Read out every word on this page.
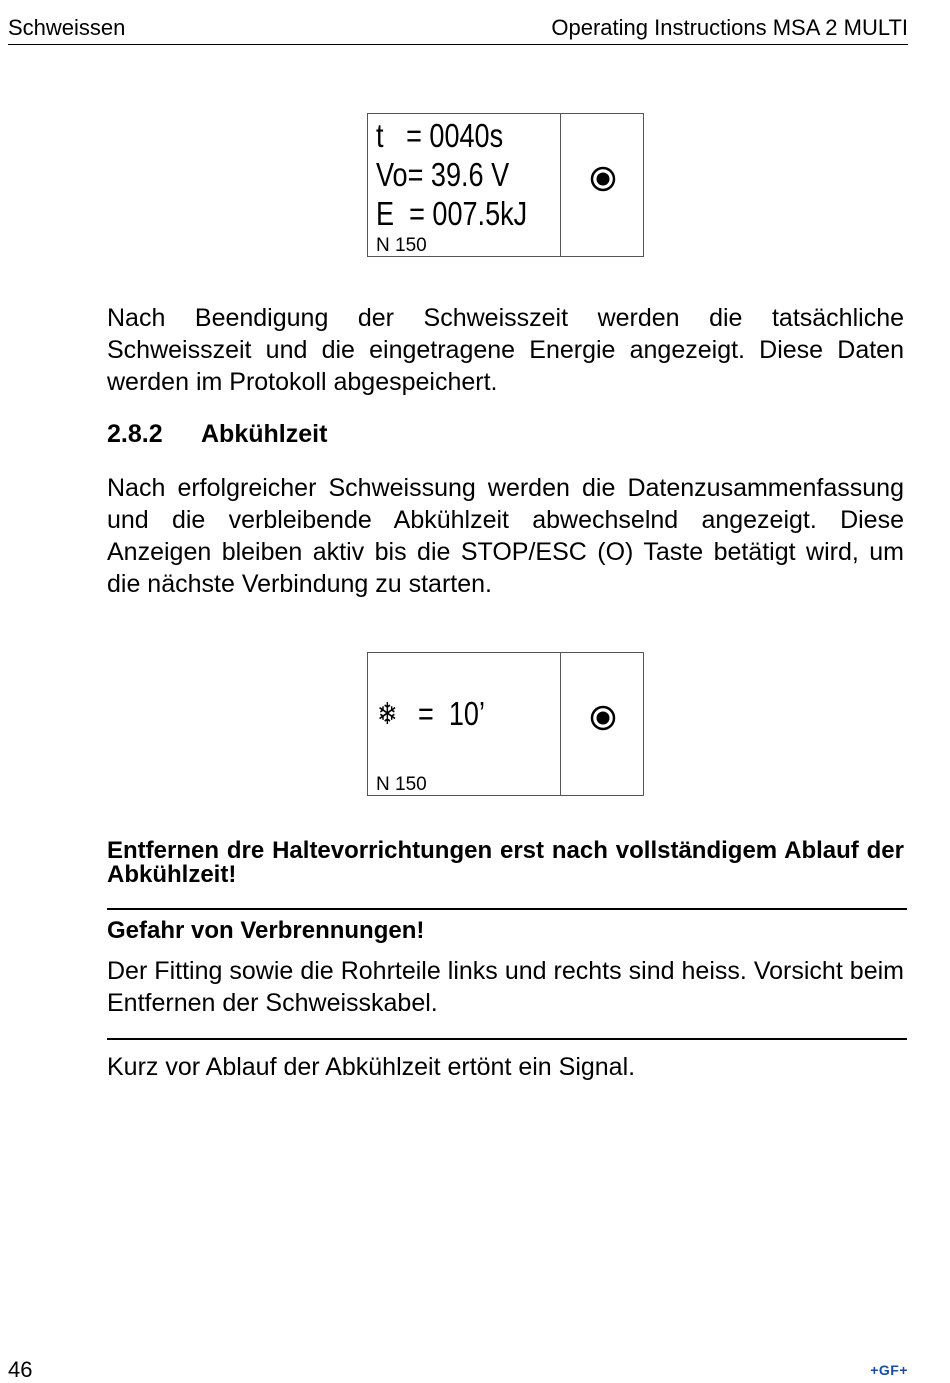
Schweissen	Operating Instructions MSA 2 MULTI
t   = 0040s
Vo= 39.6 V
E  = 007.5kJ
N 150
Nach Beendigung der Schweisszeit werden die tatsächliche Schweisszeit und die eingetragene Energie angezeigt. Diese Daten werden im Protokoll abgespeichert.
2.8.2 Abkühlzeit
Nach erfolgreicher Schweissung werden die Datenzusammenfassung und die verbleibende Abkühlzeit abwechselnd angezeigt. Diese Anzeigen bleiben aktiv bis die STOP/ESC (O) Taste betätigt wird, um die nächste Verbindung zu starten.
❄ =  10’
N 150
Entfernen dre Haltevorrichtungen erst nach vollständigem Ablauf der Abkühlzeit!
Gefahr von Verbrennungen!
Der Fitting sowie die Rohrteile links und rechts sind heiss. Vorsicht beim Entfernen der Schweisskabel.
Kurz vor Ablauf der Abkühlzeit ertönt ein Signal.
46	+GF+
